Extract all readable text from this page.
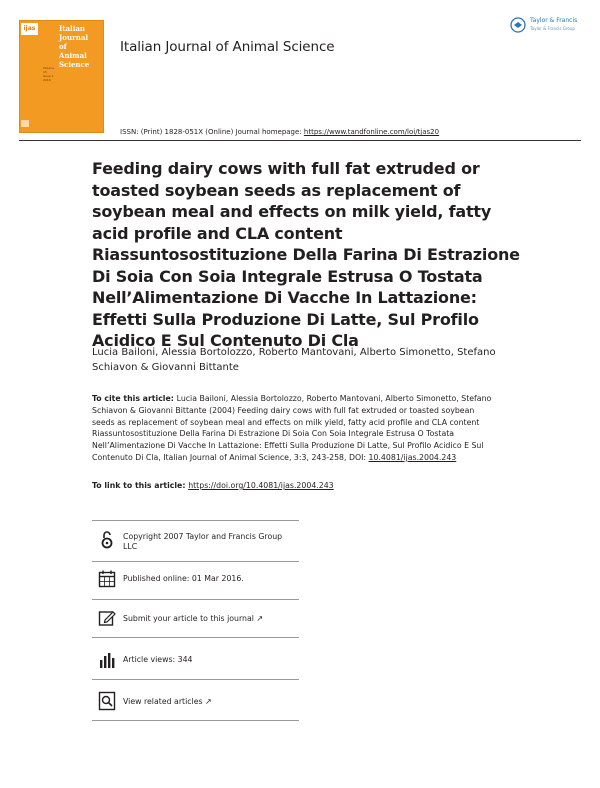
ijas	Italian
Journal
of
Animal
Science
Volume 15
Issue 1
2016
Italian Journal of Animal Science
Taylor & Francis
Taylor & Francis Group
ISSN: (Print) 1828-051X (Online) Journal homepage: https://www.tandfonline.com/loi/tjas20
Feeding dairy cows with full fat extruded or toasted soybean seeds as replacement of soybean meal and effects on milk yield, fatty acid profile and CLA content Riassuntosostituzione Della Farina Di Estrazione Di Soia Con Soia Integrale Estrusa O Tostata Nell’Alimentazione Di Vacche In Lattazione: Effetti Sulla Produzione Di Latte, Sul Profilo Acidico E Sul Contenuto Di Cla
Lucia Bailoni, Alessia Bortolozzo, Roberto Mantovani, Alberto Simonetto, Stefano Schiavon & Giovanni Bittante
To cite this article: Lucia Bailoni, Alessia Bortolozzo, Roberto Mantovani, Alberto Simonetto, Stefano Schiavon & Giovanni Bittante (2004) Feeding dairy cows with full fat extruded or toasted soybean seeds as replacement of soybean meal and effects on milk yield, fatty acid profile and CLA content Riassuntosostituzione Della Farina Di Estrazione Di Soia Con Soia Integrale Estrusa O Tostata Nell’Alimentazione Di Vacche In Lattazione: Effetti Sulla Produzione Di Latte, Sul Profilo Acidico E Sul Contenuto Di Cla, Italian Journal of Animal Science, 3:3, 243-258, DOI: 10.4081/ijas.2004.243
To link to this article: https://doi.org/10.4081/ijas.2004.243
Copyright 2007 Taylor and Francis Group LLC
Published online: 01 Mar 2016.
Submit your article to this journal ↗
Article views: 344
View related articles ↗
